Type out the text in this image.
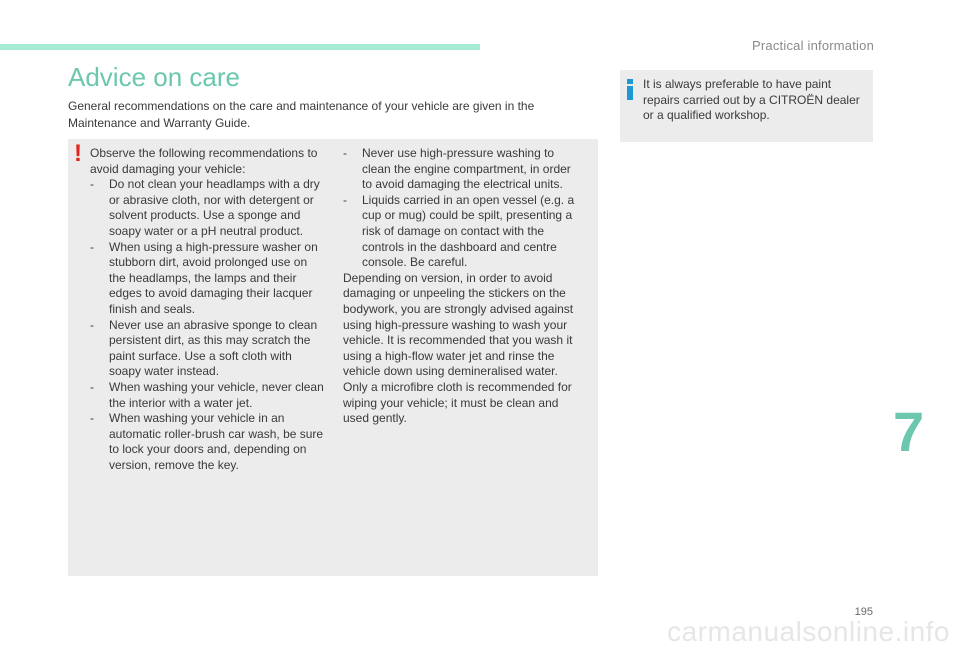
Practical information
Advice on care

General recommendations on the care and maintenance of your vehicle are given in the Maintenance and Warranty Guide.

! Observe the following recommendations to avoid damaging your vehicle:

- Do not clean your headlamps with a dry or abrasive cloth, nor with detergent or solvent products. Use a sponge and soapy water or a pH neutral product.
- When using a high-pressure washer on stubborn dirt, avoid prolonged use on the headlamps, the lamps and their edges to avoid damaging their lacquer finish and seals.
- Never use an abrasive sponge to clean persistent dirt, as this may scratch the paint surface. Use a soft cloth with soapy water instead.
- When washing your vehicle, never clean the interior with a water jet.
- When washing your vehicle in an automatic roller-brush car wash, be sure to lock your doors and, depending on version, remove the key.
- Never use high-pressure washing to clean the engine compartment, in order to avoid damaging the electrical units.
- Liquids carried in an open vessel (e.g. a cup or mug) could be spilt, presenting a risk of damage on contact with the controls in the dashboard and centre console. Be careful.

Depending on version, in order to avoid damaging or unpeeling the stickers on the bodywork, you are strongly advised against using high-pressure washing to wash your vehicle. It is recommended that you wash it using a high-flow water jet and rinse the vehicle down using demineralised water.

Only a microfibre cloth is recommended for wiping your vehicle; it must be clean and used gently.

It is always preferable to have paint repairs carried out by a CITROËN dealer or a qualified workshop.

7
195
carmanualsonline.info
